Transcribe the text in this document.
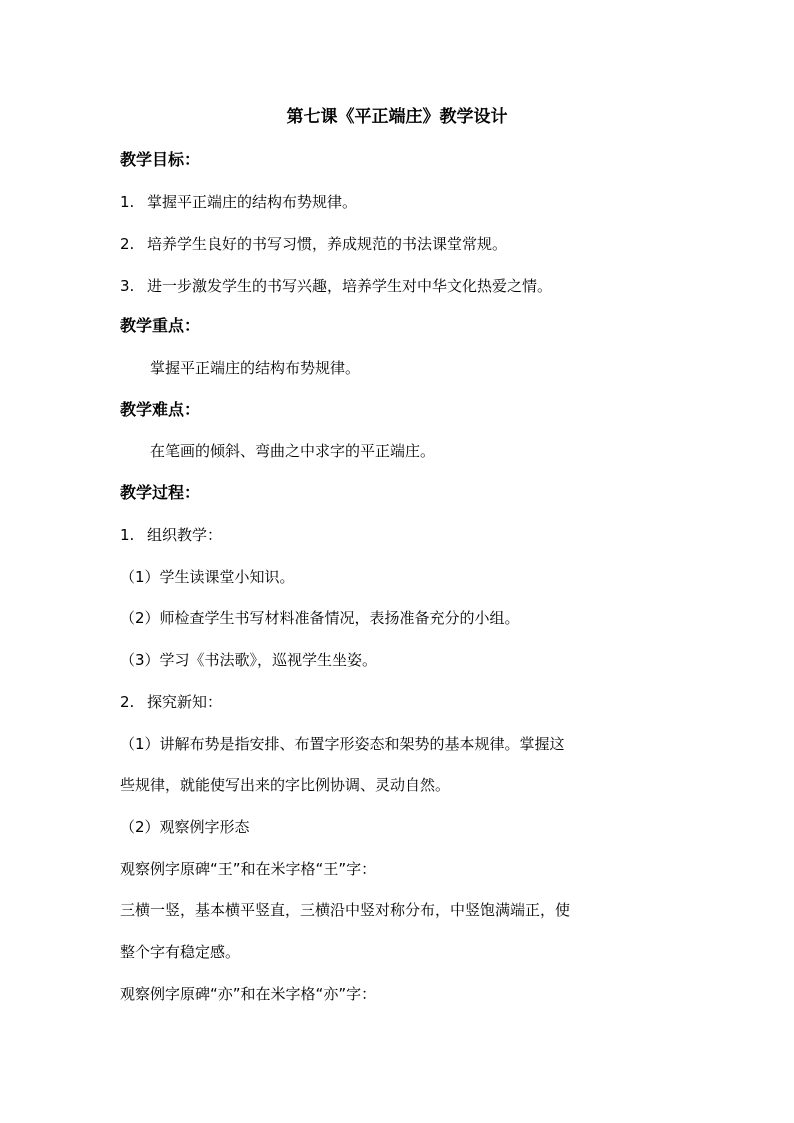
第七课《平正端庄》教学设计
教学目标：
1. 掌握平正端庄的结构布势规律。
2. 培养学生良好的书写习惯，养成规范的书法课堂常规。
3. 进一步激发学生的书写兴趣，培养学生对中华文化热爱之情。
教学重点：
掌握平正端庄的结构布势规律。
教学难点：
在笔画的倾斜、弯曲之中求字的平正端庄。
教学过程：
1. 组织教学：
（1）学生读课堂小知识。
（2）师检查学生书写材料准备情况，表扬准备充分的小组。
（3）学习《书法歌》，巡视学生坐姿。
2. 探究新知：
（1）讲解布势是指安排、布置字形姿态和架势的基本规律。掌握这
些规律，就能使写出来的字比例协调、灵动自然。
（2）观察例字形态
观察例字原碑“王”和在米字格“王”字：
三横一竖，基本横平竖直，三横沿中竖对称分布，中竖饱满端正，使
整个字有稳定感。
观察例字原碑“亦”和在米字格“亦”字：
